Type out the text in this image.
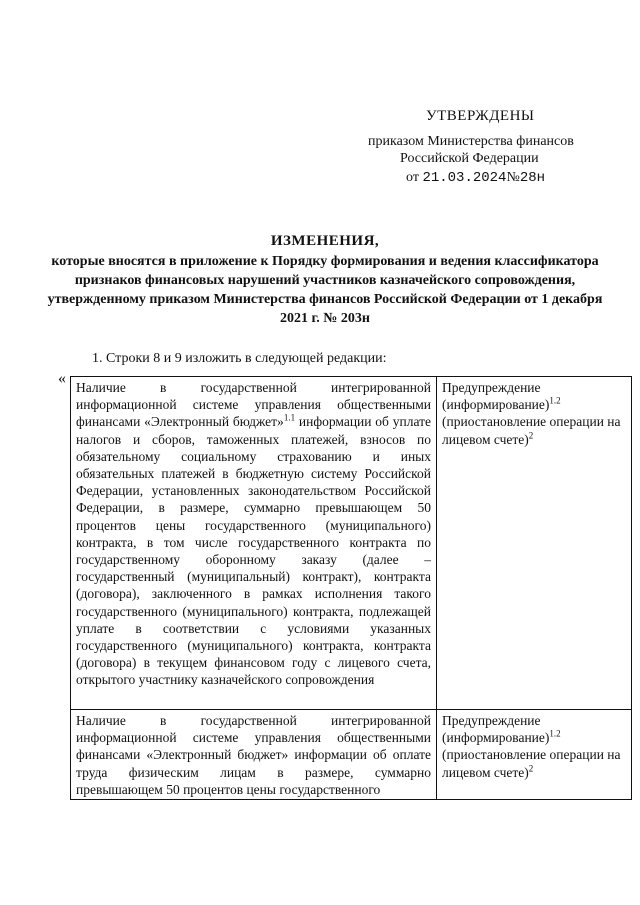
УТВЕРЖДЕНЫ
приказом Министерства финансов
Российской Федерации
от 21.03.2024№28н
ИЗМЕНЕНИЯ,
которые вносятся в приложение к Порядку формирования и ведения классификатора признаков финансовых нарушений участников казначейского сопровождения, утвержденному приказом Министерства финансов Российской Федерации от 1 декабря 2021 г. № 203н
1. Строки 8 и 9 изложить в следующей редакции:
«
Наличие в государственной интегрированной информационной системе управления общественными финансами «Электронный бюджет»$^{1.1}$ информации об уплате налогов и сборов, таможенных платежей, взносов по обязательному социальному страхованию и иных обязательных платежей в бюджетную систему Российской Федерации, установленных законодательством Российской Федерации, в размере, суммарно превышающем 50 процентов цены государственного (муниципального) контракта, в том числе государственного контракта по государственному оборонному заказу (далее – государственный (муниципальный) контракт), контракта (договора), заключенного в рамках исполнения такого государственного (муниципального) контракта, подлежащей уплате в соответствии с условиями указанных государственного (муниципального) контракта, контракта (договора) в текущем финансовом году с лицевого счета, открытого участнику казначейского сопровождения	Предупреждение (информирование)$^{1.2}$ (приостановление операции на лицевом счете)$^2$
Наличие в государственной интегрированной информационной системе управления общественными финансами «Электронный бюджет» информации об оплате труда физическим лицам в размере, суммарно превышающем 50 процентов цены государственного	Предупреждение (информирование)$^{1.2}$ (приостановление операции на лицевом счете)$^2$
